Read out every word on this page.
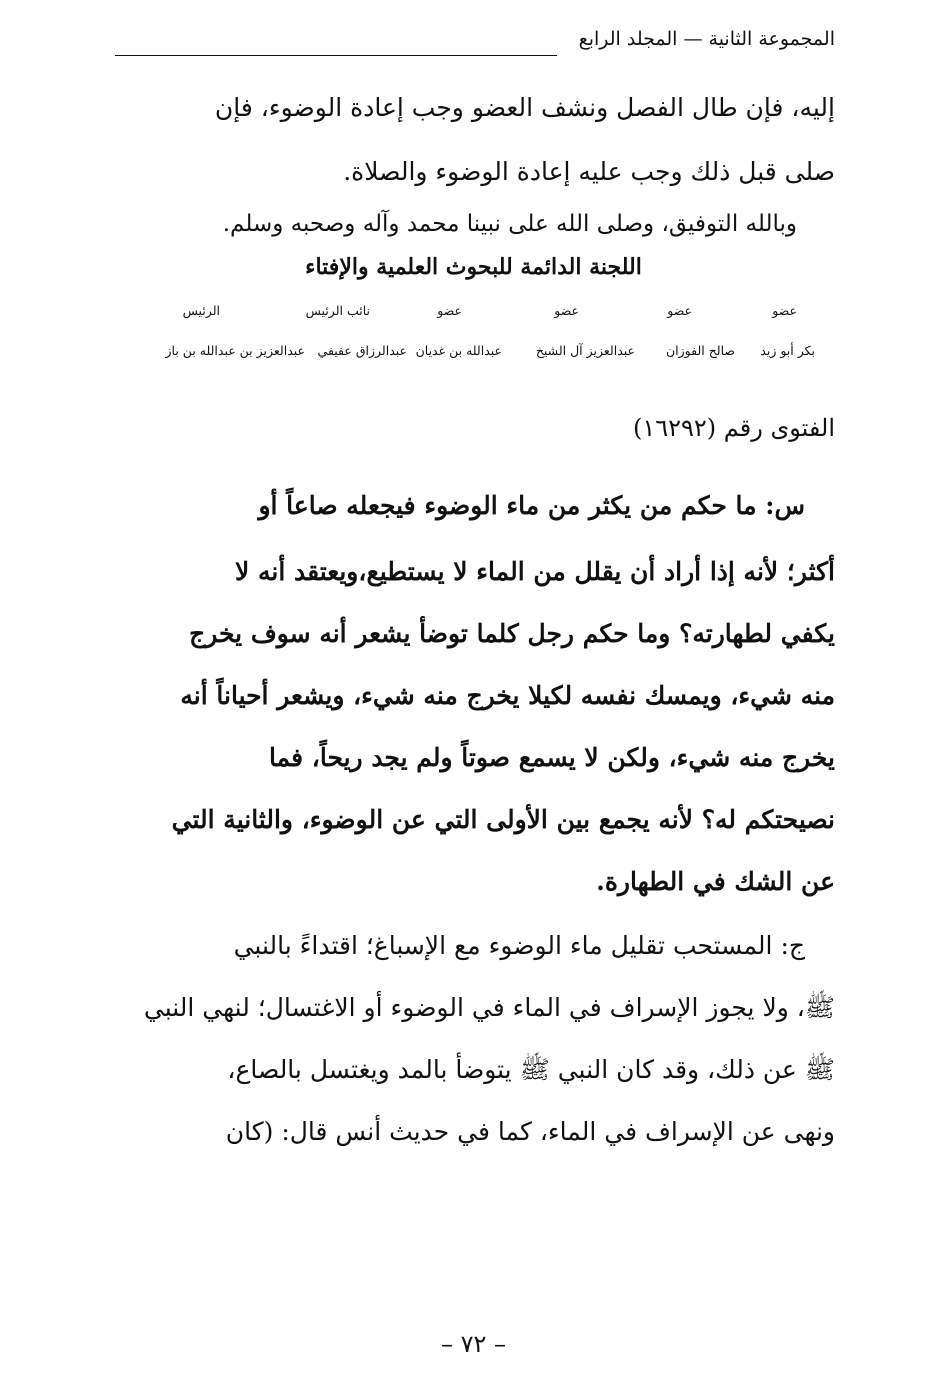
المجموعة الثانية — المجلد الرابع
إليه، فإن طال الفصل ونشف العضو وجب إعادة الوضوء، فإن
صلى قبل ذلك وجب عليه إعادة الوضوء والصلاة.
وبالله التوفيق، وصلى الله على نبينا محمد وآله وصحبه وسلم.
اللجنة الدائمة للبحوث العلمية والإفتاء
عضو
عضو
عضو
عضو
نائب الرئيس
الرئيس
بكر أبو زيد
صالح الفوزان
عبدالعزيز آل الشيخ
عبدالله بن غديان
عبدالرزاق عفيفي
عبدالعزيز بن عبدالله بن باز
الفتوى رقم (١٦٢٩٢)
س: ما حكم من يكثر من ماء الوضوء فيجعله صاعاً أو
أكثر؛ لأنه إذا أراد أن يقلل من الماء لا يستطيع،ويعتقد أنه لا
يكفي لطهارته؟ وما حكم رجل كلما توضأ يشعر أنه سوف يخرج
منه شيء، ويمسك نفسه لكيلا يخرج منه شيء، ويشعر أحياناً أنه
يخرج منه شيء، ولكن لا يسمع صوتاً ولم يجد ريحاً، فما
نصيحتكم له؟ لأنه يجمع بين الأولى التي عن الوضوء، والثانية التي
عن الشك في الطهارة.
ج: المستحب تقليل ماء الوضوء مع الإسباغ؛ اقتداءً بالنبي
ﷺ، ولا يجوز الإسراف في الماء في الوضوء أو الاغتسال؛ لنهي النبي
ﷺ عن ذلك، وقد كان النبي ﷺ يتوضأ بالمد ويغتسل بالصاع،
ونهى عن الإسراف في الماء، كما في حديث أنس قال: (كان
– ٧٢ –
